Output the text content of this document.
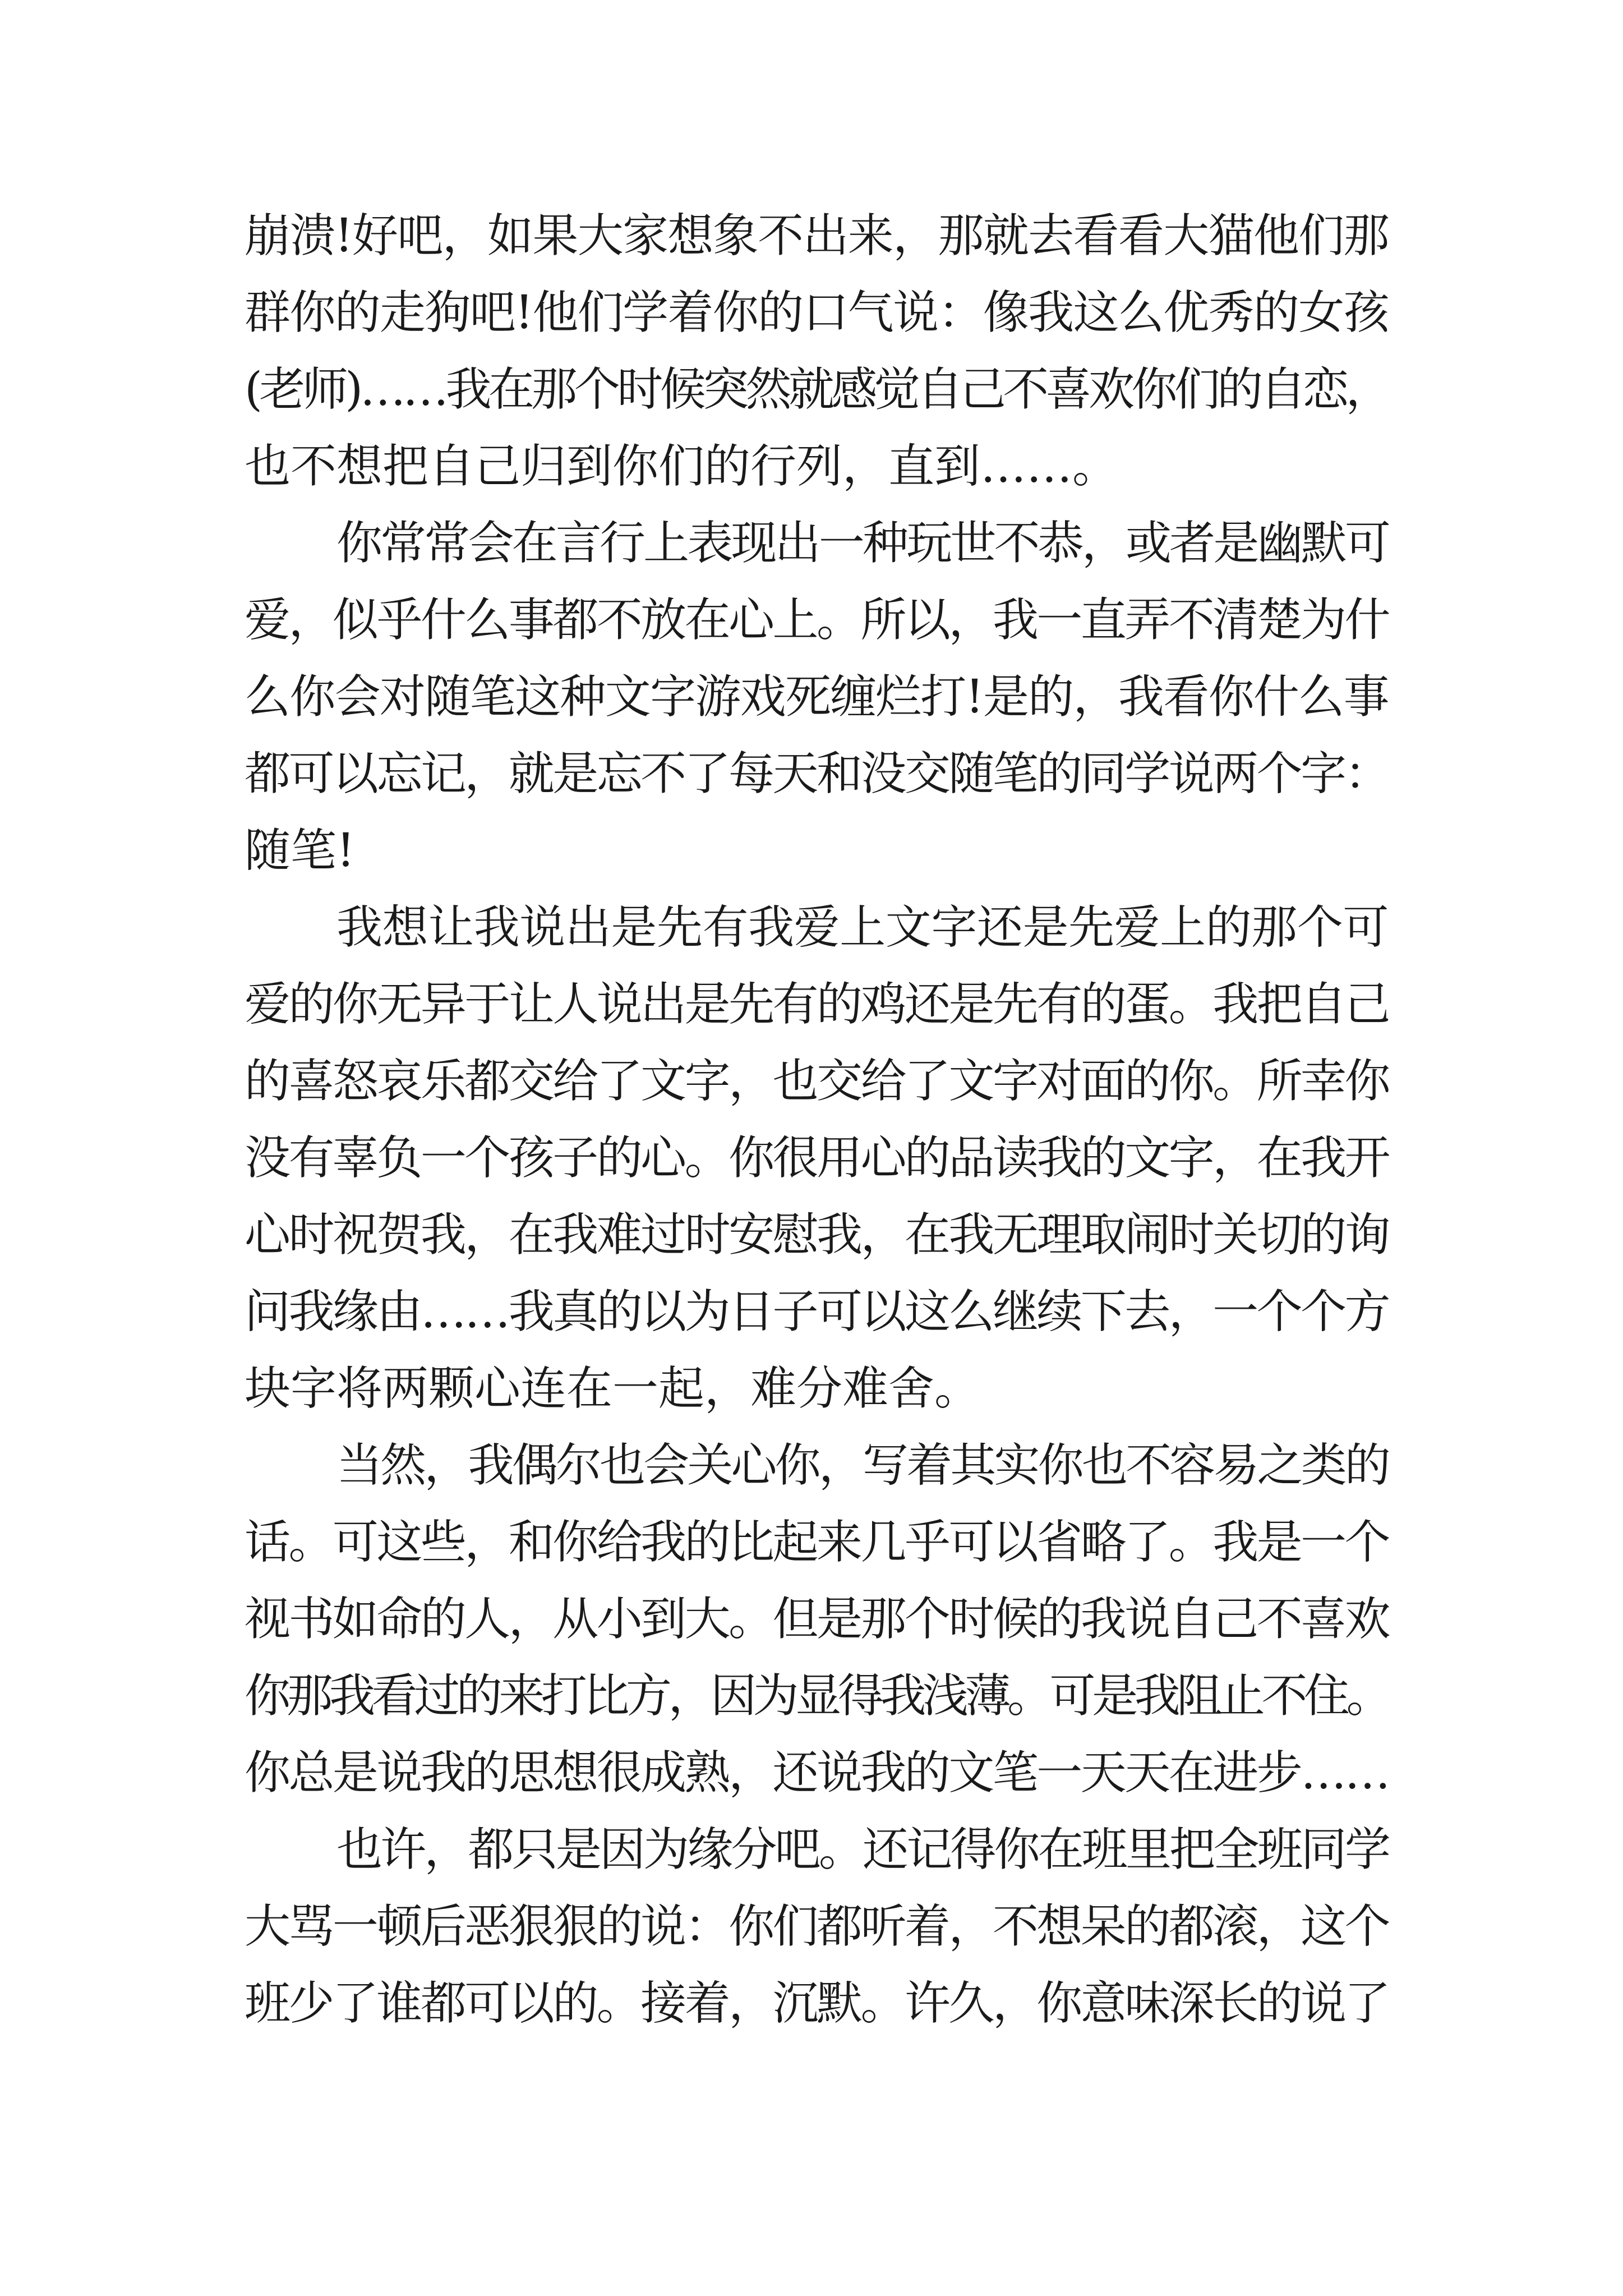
崩溃!好吧，如果大家想象不出来，那就去看看大猫他们那
群你的走狗吧!他们学着你的口气说：像我这么优秀的女孩
(老师)……我在那个时候突然就感觉自己不喜欢你们的自恋，
也不想把自己归到你们的行列，直到……。
你常常会在言行上表现出一种玩世不恭，或者是幽默可
爱，似乎什么事都不放在心上。所以，我一直弄不清楚为什
么你会对随笔这种文字游戏死缠烂打!是的，我看你什么事
都可以忘记，就是忘不了每天和没交随笔的同学说两个字：
随笔!
我想让我说出是先有我爱上文字还是先爱上的那个可
爱的你无异于让人说出是先有的鸡还是先有的蛋。我把自己
的喜怒哀乐都交给了文字，也交给了文字对面的你。所幸你
没有辜负一个孩子的心。你很用心的品读我的文字，在我开
心时祝贺我，在我难过时安慰我，在我无理取闹时关切的询
问我缘由……我真的以为日子可以这么继续下去，一个个方
块字将两颗心连在一起，难分难舍。
当然，我偶尔也会关心你，写着其实你也不容易之类的
话。可这些，和你给我的比起来几乎可以省略了。我是一个
视书如命的人，从小到大。但是那个时候的我说自己不喜欢
你那我看过的来打比方，因为显得我浅薄。可是我阻止不住。
你总是说我的思想很成熟，还说我的文笔一天天在进步……
也许，都只是因为缘分吧。还记得你在班里把全班同学
大骂一顿后恶狠狠的说：你们都听着，不想呆的都滚，这个
班少了谁都可以的。接着，沉默。许久，你意味深长的说了
